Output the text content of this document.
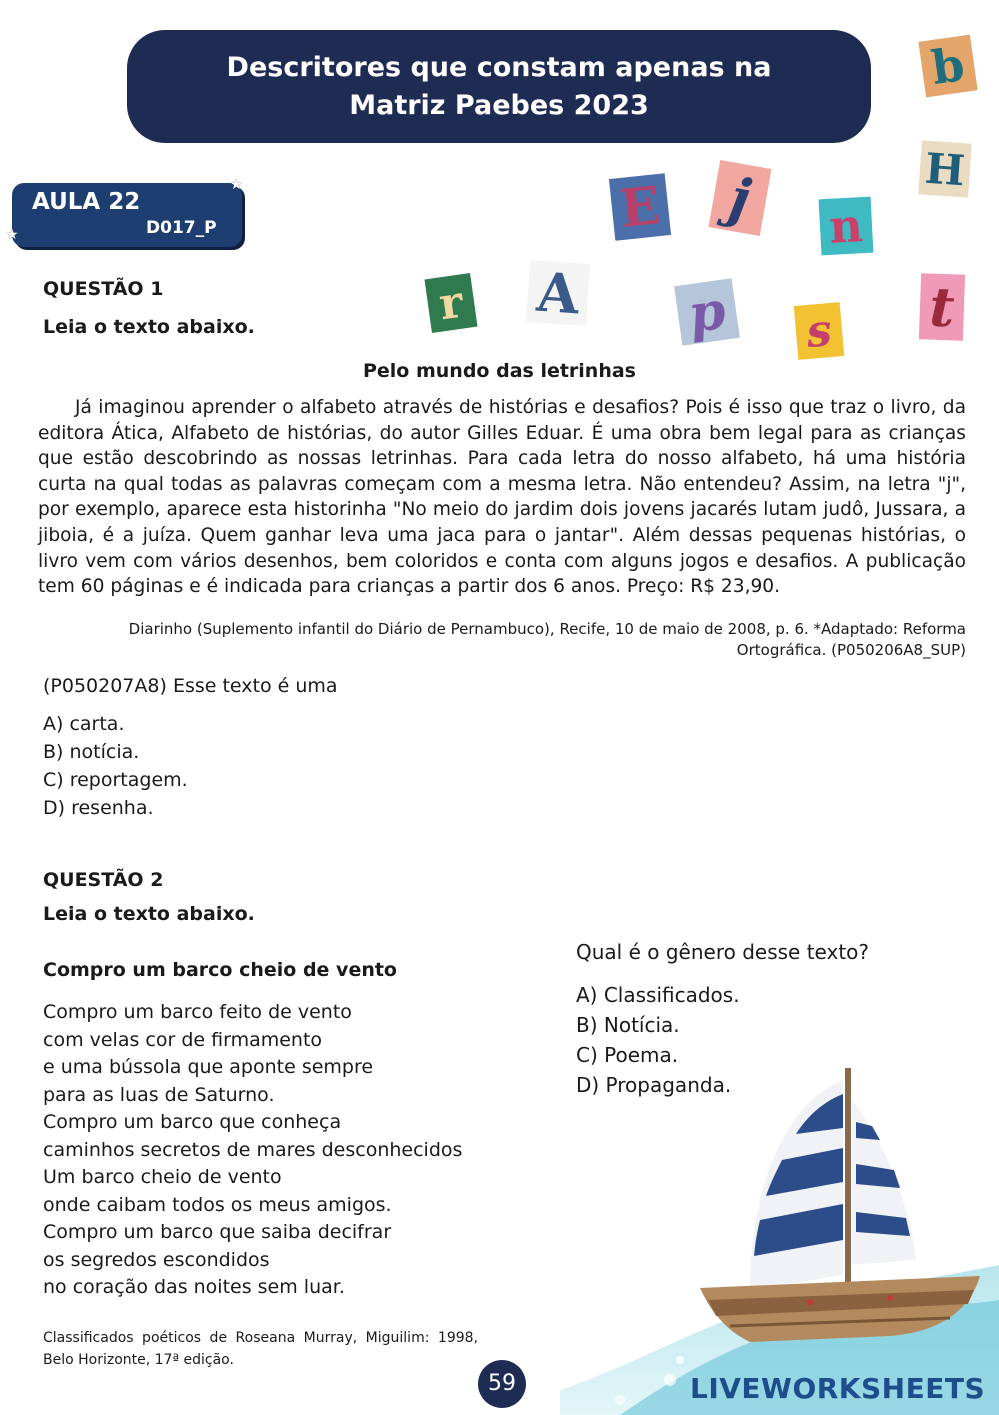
Descritores que constam apenas na
Matriz Paebes 2023
AULA 22
D017_P
★
★
b
H
E j n
r A p s t
QUESTÃO 1
Leia o texto abaixo.
Pelo mundo das letrinhas
Já imaginou aprender o alfabeto através de histórias e desafios? Pois é isso que traz o livro, da editora Ática, Alfabeto de histórias, do autor Gilles Eduar. É uma obra bem legal para as crianças que estão descobrindo as nossas letrinhas. Para cada letra do nosso alfabeto, há uma história curta na qual todas as palavras começam com a mesma letra. Não entendeu? Assim, na letra "j", por exemplo, aparece esta historinha "No meio do jardim dois jovens jacarés lutam judô, Jussara, a jiboia, é a juíza. Quem ganhar leva uma jaca para o jantar". Além dessas pequenas histórias, o livro vem com vários desenhos, bem coloridos e conta com alguns jogos e desafios. A publicação tem 60 páginas e é indicada para crianças a partir dos 6 anos. Preço: R$ 23,90.
Diarinho (Suplemento infantil do Diário de Pernambuco), Recife, 10 de maio de 2008, p. 6. *Adaptado: Reforma
Ortográfica. (P050206A8_SUP)
(P050207A8) Esse texto é uma
A) carta.
B) notícia.
C) reportagem.
D) resenha.
QUESTÃO 2
Leia o texto abaixo.
Compro um barco cheio de vento
Compro um barco feito de vento
com velas cor de firmamento
e uma bússola que aponte sempre
para as luas de Saturno.
Compro um barco que conheça
caminhos secretos de mares desconhecidos
Um barco cheio de vento
onde caibam todos os meus amigos.
Compro um barco que saiba decifrar
os segredos escondidos
no coração das noites sem luar.
Classificados poéticos de Roseana Murray, Miguilim: 1998, Belo Horizonte, 17ª edição.
Qual é o gênero desse texto?
A) Classificados.
B) Notícia.
C) Poema.
D) Propaganda.
59	LIVEWORKSHEETS
